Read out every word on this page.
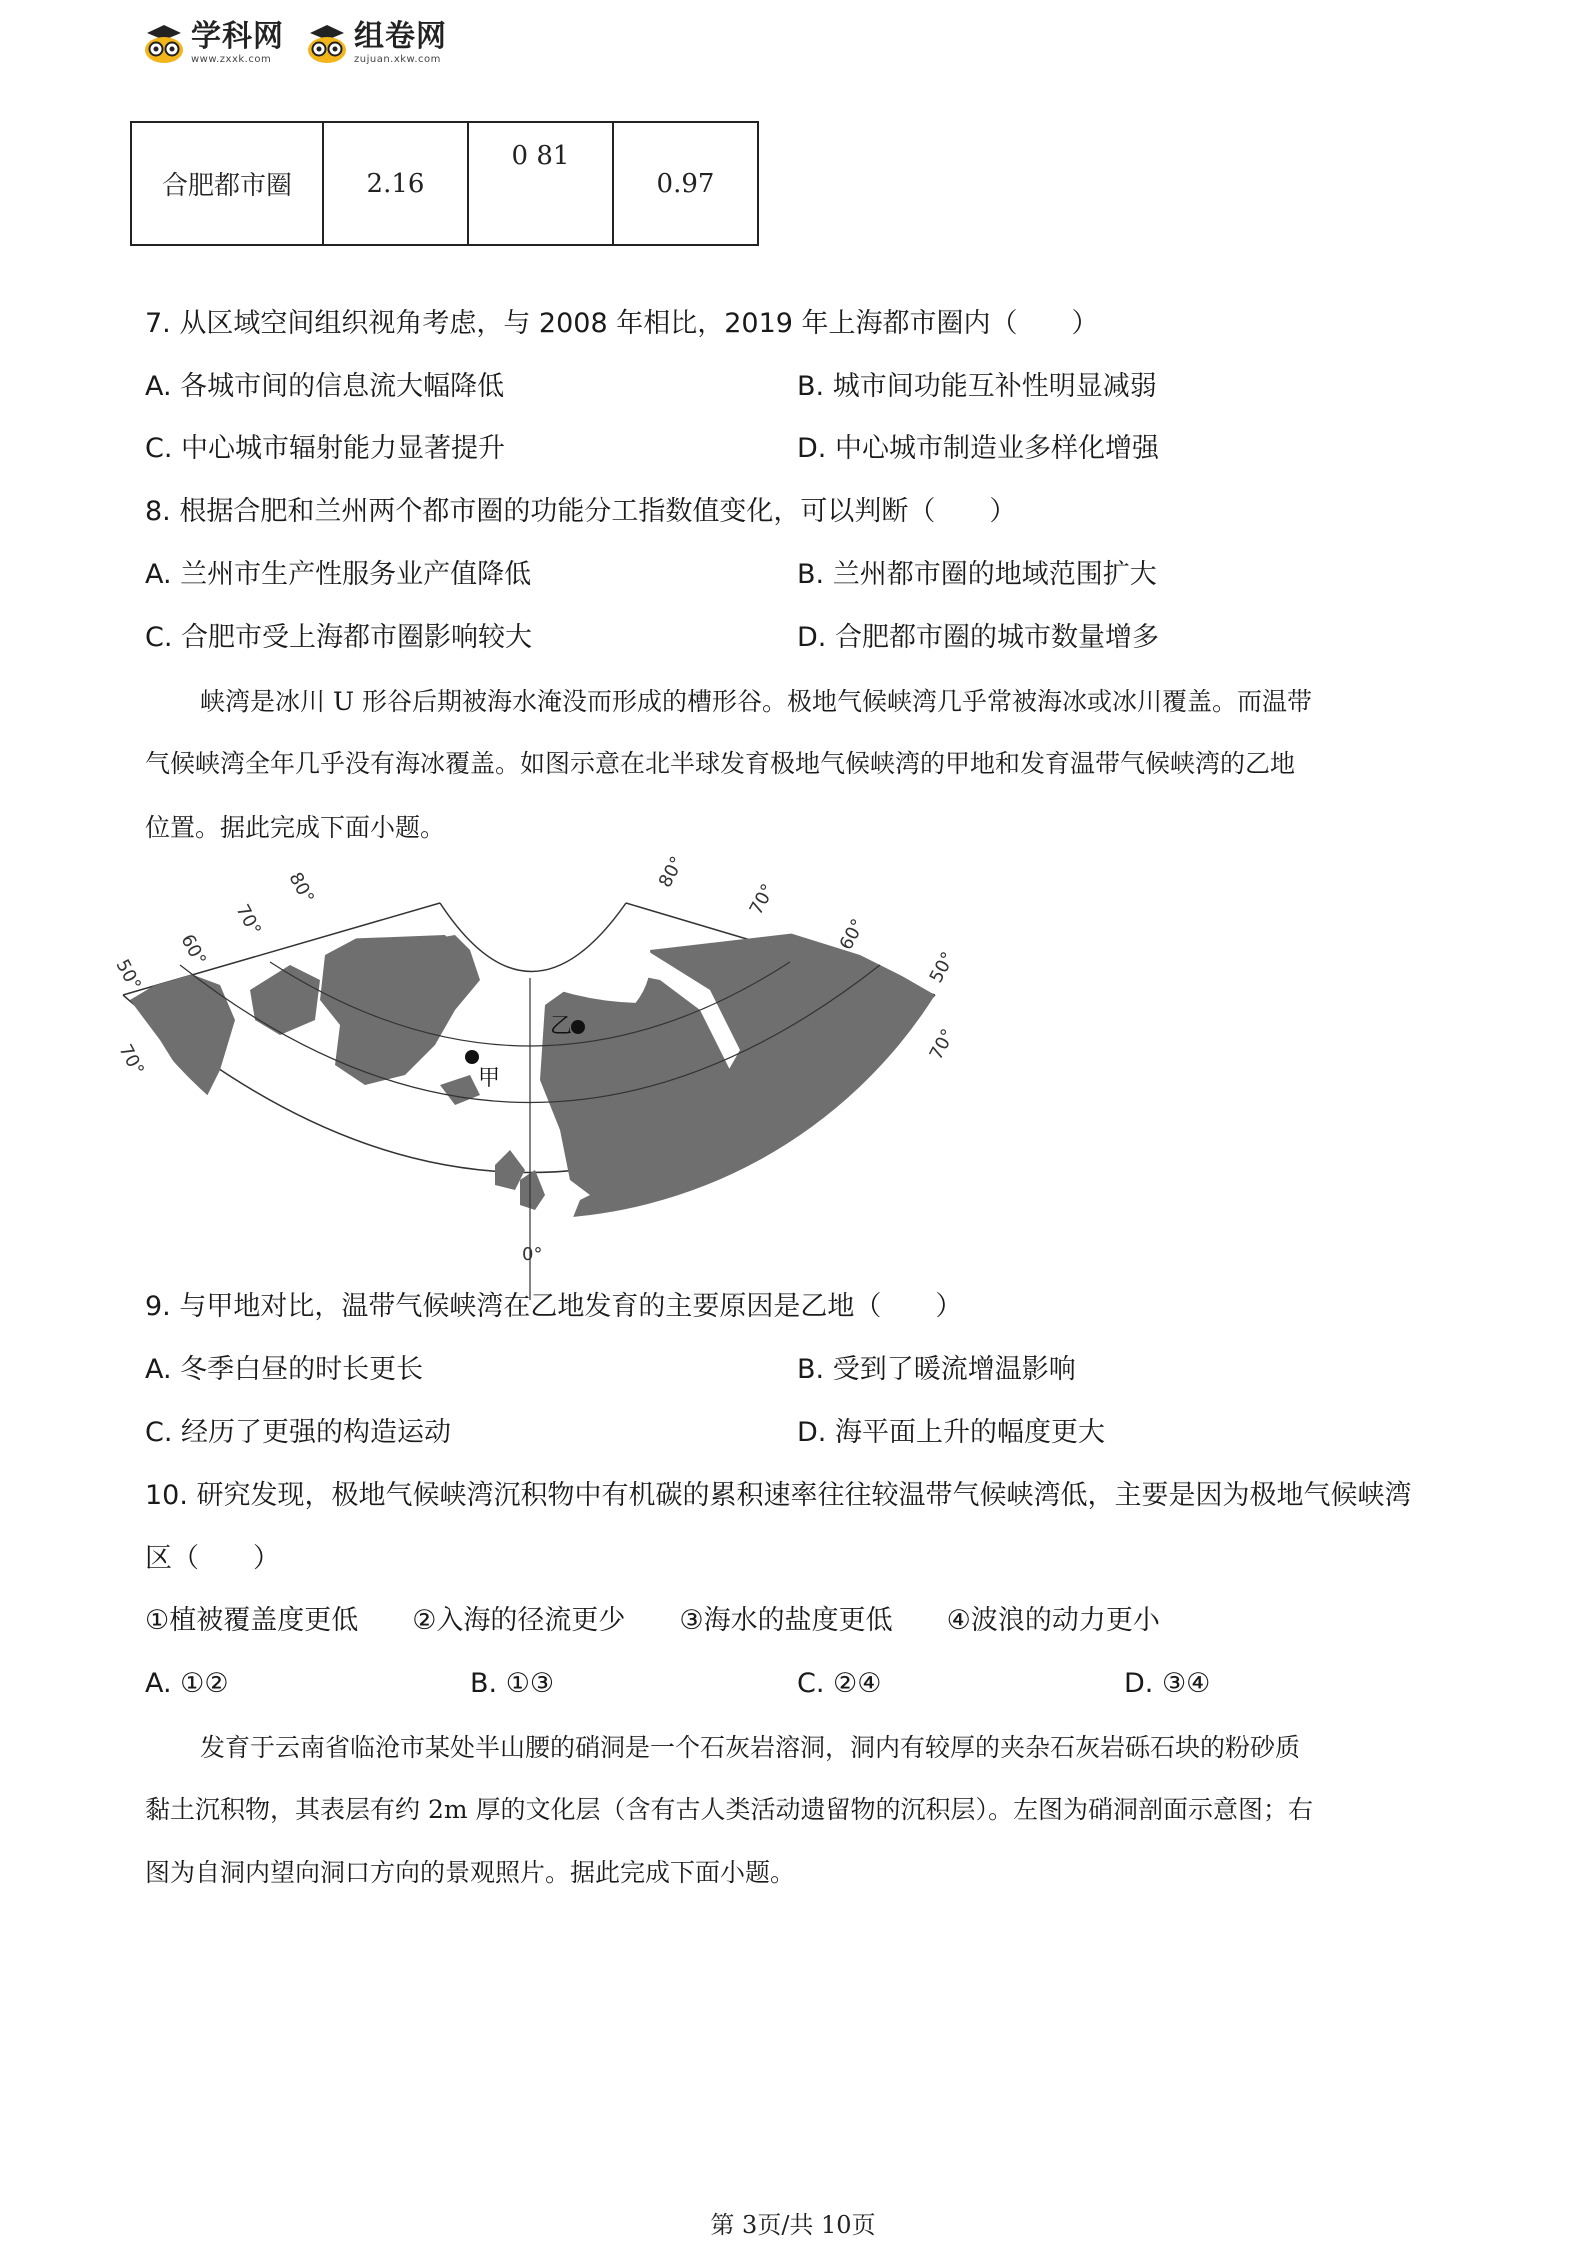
学科网
www.zxxk.com
组卷网
zujuan.xkw.com
合肥都市圈	2.16	0 81	0.97
7. 从区域空间组织视角考虑，与 2008 年相比，2019 年上海都市圈内（　　）
A. 各城市间的信息流大幅降低	B. 城市间功能互补性明显减弱
C. 中心城市辐射能力显著提升	D. 中心城市制造业多样化增强
8. 根据合肥和兰州两个都市圈的功能分工指数值变化，可以判断（　　）
A. 兰州市生产性服务业产值降低	B. 兰州都市圈的地域范围扩大
C. 合肥市受上海都市圈影响较大	D. 合肥都市圈的城市数量增多
峡湾是冰川 U 形谷后期被海水淹没而形成的槽形谷。极地气候峡湾几乎常被海冰或冰川覆盖。而温带
气候峡湾全年几乎没有海冰覆盖。如图示意在北半球发育极地气候峡湾的甲地和发育温带气候峡湾的乙地
位置。据此完成下面小题。
甲
乙
50°
60°
70°
80°
70°
80°
70°
60°
50°
70°
0°
9. 与甲地对比，温带气候峡湾在乙地发育的主要原因是乙地（　　）
A. 冬季白昼的时长更长	B. 受到了暖流增温影响
C. 经历了更强的构造运动	D. 海平面上升的幅度更大
10. 研究发现，极地气候峡湾沉积物中有机碳的累积速率往往较温带气候峡湾低，主要是因为极地气候峡湾
区（　　）
①植被覆盖度更低　　②入海的径流更少　　③海水的盐度更低　　④波浪的动力更小
A. ①②	B. ①③	C. ②④	D. ③④
发育于云南省临沧市某处半山腰的硝洞是一个石灰岩溶洞，洞内有较厚的夹杂石灰岩砾石块的粉砂质
黏土沉积物，其表层有约 2m 厚的文化层（含有古人类活动遗留物的沉积层）。左图为硝洞剖面示意图；右
图为自洞内望向洞口方向的景观照片。据此完成下面小题。
第 3页/共 10页
